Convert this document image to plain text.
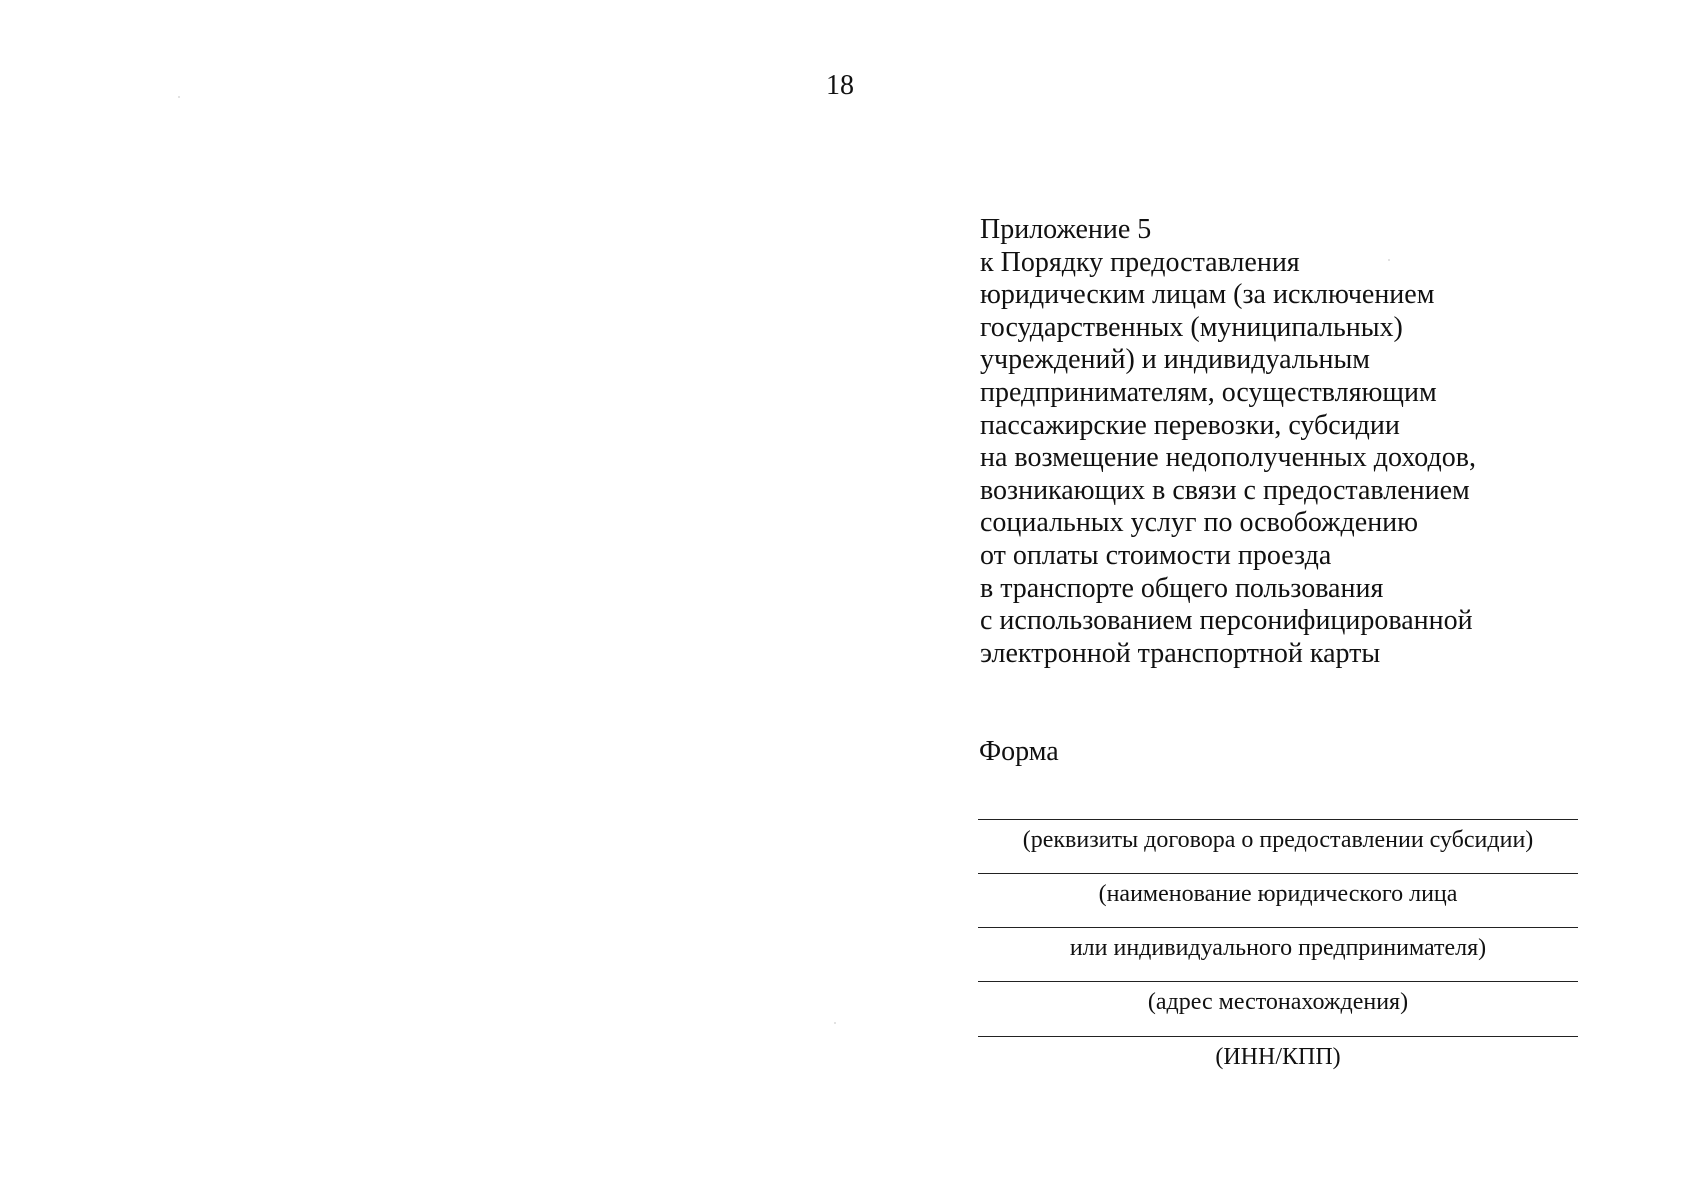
18
Приложение 5
к Порядку предоставления
юридическим лицам (за исключением
государственных (муниципальных)
учреждений) и индивидуальным
предпринимателям, осуществляющим
пассажирские перевозки, субсидии
на возмещение недополученных доходов,
возникающих в связи с предоставлением
социальных услуг по освобождению
от оплаты стоимости проезда
в транспорте общего пользования
с использованием персонифицированной
электронной транспортной карты
Форма
(реквизиты договора о предоставлении субсидии)
(наименование юридического лица
или индивидуального предпринимателя)
(адрес местонахождения)
(ИНН/КПП)
